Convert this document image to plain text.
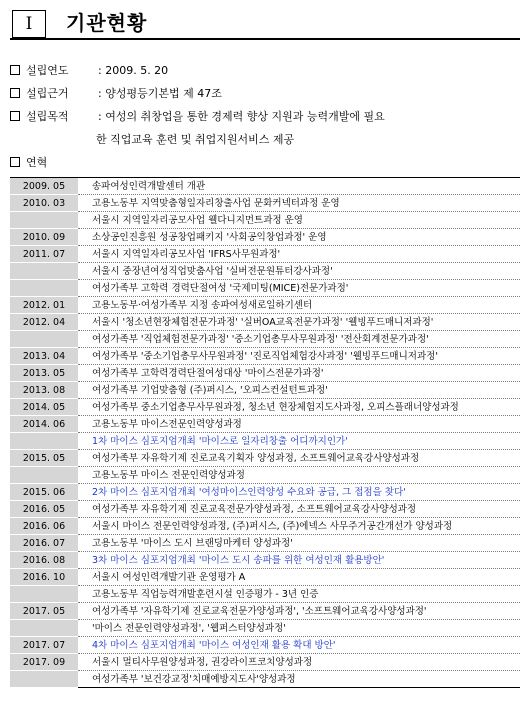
I	기관현황
설립연도	: 2009. 5. 20
설립근거	: 양성평등기본법 제 47조
설립목적	: 여성의 취창업을 통한 경제력 향상 지원과 능력개발에 필요
한 직업교육 훈련 및 취업지원서비스 제공
연혁
2009. 05	송파여성인력개발센터 개관
2010. 03	고용노동부 지역맞춤형일자리창출사업 문화커넥터과정 운영
	서울시 지역일자리공모사업 웰다니지먼트과정 운영
2010. 09	소상공인진흥원 성공창업패키지 '사회공익창업과정' 운영
2011. 07	서울시 지역일자리공모사업 'IFRS사무원과정'
	서울시 중장년여성직업맞춤사업 '실버전문원튜터강사과정'
	여성가족부 고학력 경력단절여성 '국제미팅(MICE)전문가과정'
2012. 01	고용노동부·여성가족부 지정 송파여성새로일하기센터
2012. 04	서울시 '청소년현장체험전문가과정' '실버OA교육전문가과정' '웰빙푸드매니저과정'
	여성가족부 '직업체험전문가과정' '중소기업총무사무원과정' '전산회계전문가과정'
2013. 04	여성가족부 '중소기업총무사무원과정' '진로직업체험강사과정' '웰빙푸드매니저과정'
2013. 05	여성가족부 고학력경력단절여성대상 '마이스전문가과정'
2013. 08	여성가족부 기업맞춤형 (주)퍼시스, '오피스컨설턴트과정'
2014. 05	여성가족부 중소기업총무사무원과정, 청소년 현장체험지도사과정, 오피스플래너양성과정
2014. 06	고용노동부 마이스전문인력양성과정
	1차 마이스 심포지엄개최 '마이스로 일자리창출 어디까지인가'
2015. 05	여성가족부 자유학기제 진로교육기획자 양성과정, 소프트웨어교육강사양성과정
	고용노동부 마이스 전문인력양성과정
2015. 06	2차 마이스 심포지엄개최 '여성마이스인력양성 수요와 공급, 그 접점을 찾다'
2016. 05	여성가족부 자유학기제 진로교육전문가양성과정, 소프트웨어교육강사양성과정
2016. 06	서울시 마이스 전문인력양성과정, (주)퍼시스, (주)에넥스 사무주거공간개선가 양성과정
2016. 07	고용노동부 '마이스 도시 브랜딩마케터 양성과정'
2016. 08	3차 마이스 심포지엄개최 '마이스 도시 송파를 위한 여성인재 활용방안'
2016. 10	서울시 여성인력개발기관 운영평가 A
	고용노동부 직업능력개발훈련시설 인증평가 - 3년 인증
2017. 05	여성가족부 '자유학기제 진로교육전문가양성과정', '소프트웨어교육강사양성과정'
	'마이스 전문인력양성과정', '웹퍼스터양성과정'
2017. 07	4차 마이스 심포지엄개최 '마이스 여성인재 활용 확대 방안'
2017. 09	서울시 멀티사무원양성과정, 권강라이프코치양성과정
	여성가족부 '보건강교정'치매예방지도사'양성과정
